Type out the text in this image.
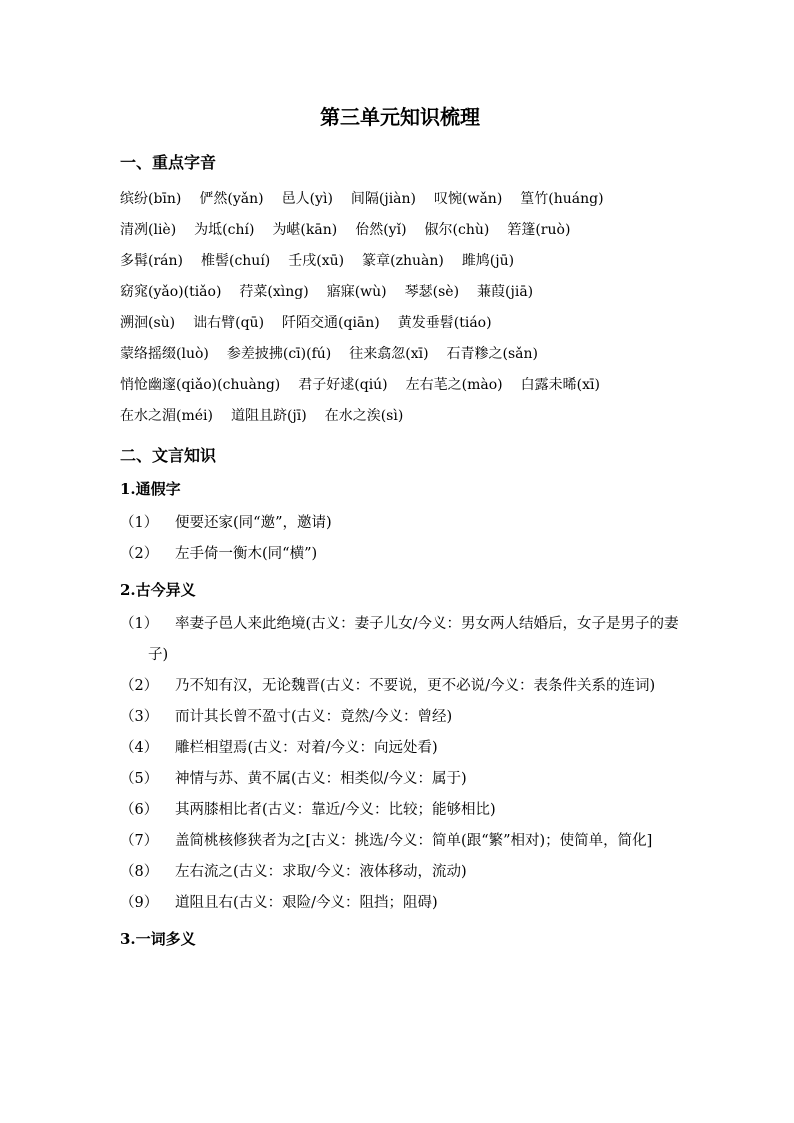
第三单元知识梳理
一、重点字音
缤纷(bīn) 俨然(yǎn) 邑人(yì) 间隔(jiàn) 叹惋(wǎn) 篁竹(huáng)
清冽(liè) 为坻(chí) 为嵁(kān) 佁然(yǐ) 俶尔(chù) 箬篷(ruò)
多髯(rán) 椎髻(chuí) 壬戌(xū) 篆章(zhuàn) 雎鸠(jū)
窈窕(yǎo)(tiǎo) 荇菜(xìng) 寤寐(wù) 琴瑟(sè) 蒹葭(jiā)
溯洄(sù) 诎右臂(qū) 阡陌交通(qiān) 黄发垂髫(tiáo)
蒙络摇缀(luò) 参差披拂(cī)(fú) 往来翕忽(xī) 石青糁之(sǎn)
悄怆幽邃(qiǎo)(chuàng) 君子好逑(qiú) 左右芼之(mào) 白露未晞(xī)
在水之湄(méi) 道阻且跻(jī) 在水之涘(sì)
二、文言知识
1.通假字
（1）	便要还家(同“邀”，邀请)
（2）	左手倚一衡木(同“横”)
2.古今异义
（1） 率妻子邑人来此绝境(古义：妻子儿女/今义：男女两人结婚后，女子是男子的妻子)
（2） 乃不知有汉，无论魏晋(古义：不要说，更不必说/今义：表条件关系的连词)
（3）	而计其长曾不盈寸(古义：竟然/今义：曾经)
（4）	雕栏相望焉(古义：对着/今义：向远处看)
（5）	神情与苏、黄不属(古义：相类似/今义：属于)
（6）	其两膝相比者(古义：靠近/今义：比较；能够相比)
（7） 盖简桃核修狭者为之[古义：挑选/今义：简单(跟“繁”相对)；使简单，简化]
（8）	左右流之(古义：求取/今义：液体移动，流动)
（9）	道阻且右(古义：艰险/今义：阻挡；阻碍)
3.一词多义
